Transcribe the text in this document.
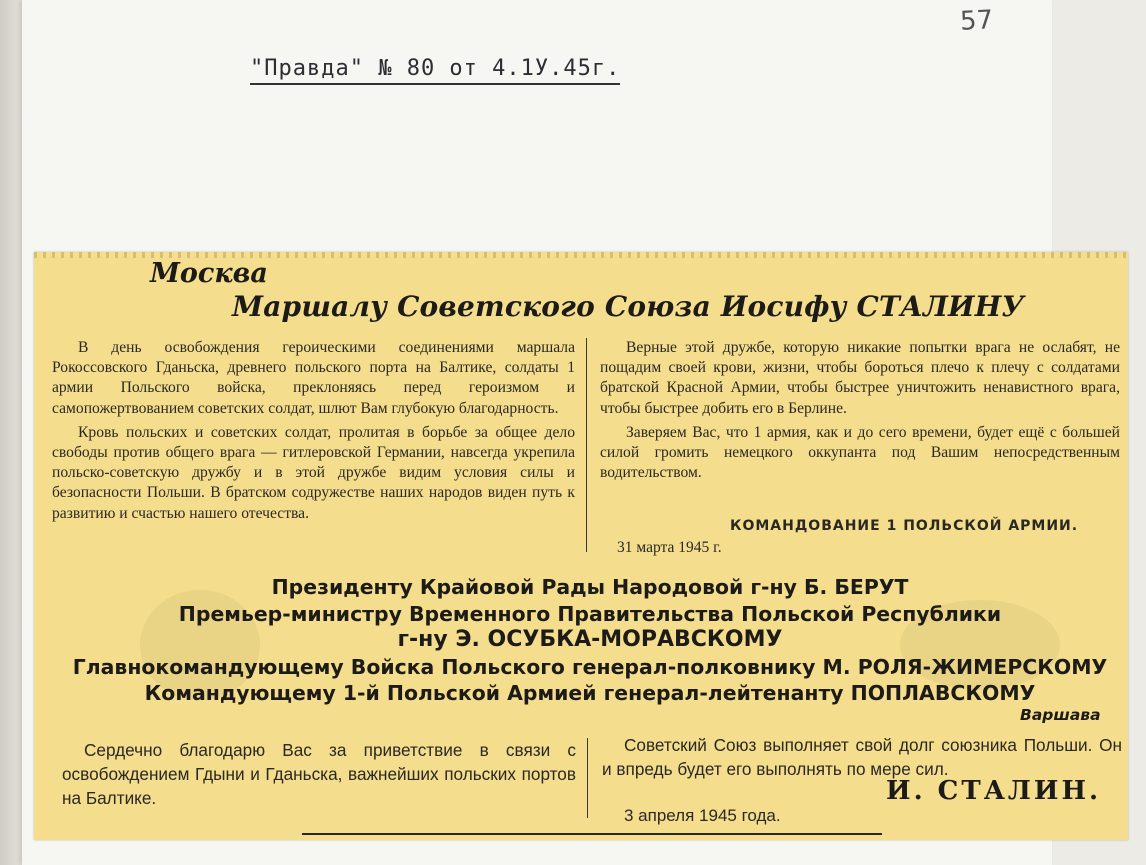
57
"Правда" № 80 от 4.1У.45г.
Москва
Маршалу Советского Союза Иосифу СТАЛИНУ

В день освобождения героическими соединениями маршала Рокоссовского Гданьска, древнего польского порта на Балтике, солдаты 1 армии Польского войска, преклоняясь перед героизмом и самопожертвованием советских солдат, шлют Вам глубокую благодарность.

Кровь польских и советских солдат, пролитая в борьбе за общее дело свободы против общего врага — гитлеровской Германии, навсегда укрепила польско-советскую дружбу и в этой дружбе видим условия силы и безопасности Польши. В братском содружестве наших народов виден путь к развитию и счастью нашего отечества.

Верные этой дружбе, которую никакие попытки врага не ослабят, не пощадим своей крови, жизни, чтобы бороться плечо к плечу с солдатами братской Красной Армии, чтобы быстрее уничтожить ненавистного врага, чтобы быстрее добить его в Берлине.

Заверяем Вас, что 1 армия, как и до сего времени, будет ещё с большей силой громить немецкого оккупанта под Вашим непосредственным водительством.

КОМАНДОВАНИЕ 1 ПОЛЬСКОЙ АРМИИ.
31 марта 1945 г.
Президенту Крайовой Рады Народовой г-ну Б. БЕРУТ
Премьер-министру Временного Правительства Польской Республики
г-ну Э. ОСУБКА-МОРАВСКОМУ
Главнокомандующему Войска Польского генерал-полковнику М. РОЛЯ-ЖИМЕРСКОМУ
Командующему 1-й Польской Армией генерал-лейтенанту ПОПЛАВСКОМУ
Варшава

Сердечно благодарю Вас за приветствие в связи с освобождением Гдыни и Гданьска, важнейших польских портов на Балтике.

Советский Союз выполняет свой долг союзника Польши. Он и впредь будет его выполнять по мере сил.

И. СТАЛИН.
3 апреля 1945 года.
